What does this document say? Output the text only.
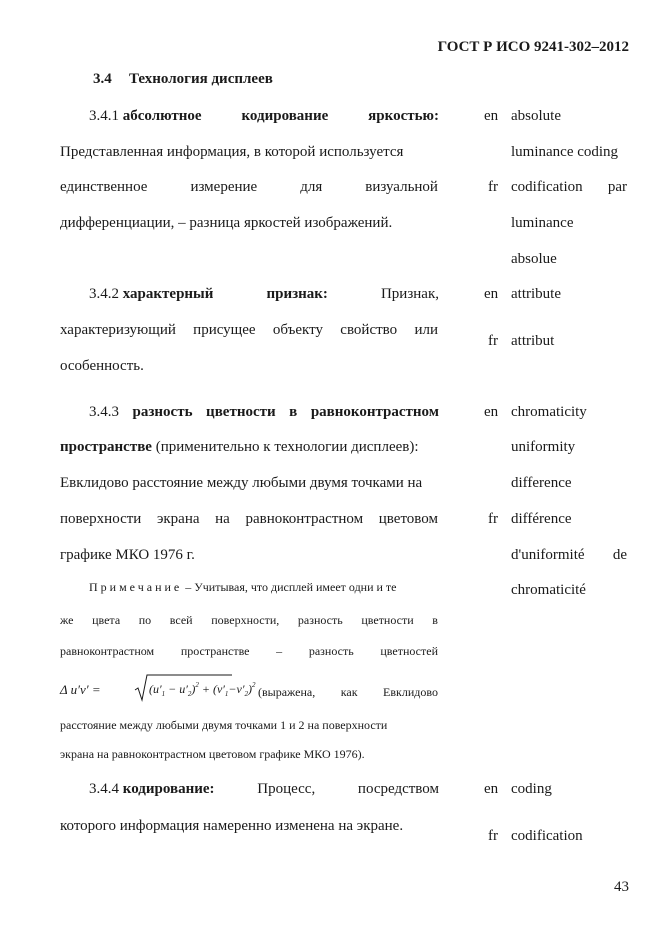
ГОСТ Р ИСО 9241-302–2012
3.4 Технология дисплеев
3.4.1 абсолютное	кодирование	яркостью:
Представленная информация, в которой используется
единственное	измерение	для	визуальной
дифференциации, – разница яркостей изображений.
en absolute
luminance coding
fr codification par
luminance
absolue
3.4.2 характерный	признак:	Признак,
характеризующий присущее объекту свойство или
особенность.
en attribute
fr attribut
3.4.3 разность цветности в равноконтрастном
пространстве (применительно к технологии дисплеев):
Евклидово расстояние между любыми двумя точками на
поверхности экрана на равноконтрастном цветовом
графике МКО 1976 г.
en chromaticity
uniformity
difference
fr différence
d'uniformité de
chromaticité
Примечание – Учитывая, что дисплей имеет одни и те
же цвета по всей поверхности, разность цветности в
равноконтрастном пространстве – разность цветностей
Δ u′v′ =	$(u'_1 - u'_2)^2 + (v'_1-v'_2)^2$ (выражена, как Евклидово
расстояние между любыми двумя точками 1 и 2 на поверхности
экрана на равноконтрастном цветовом графике МКО 1976).
3.4.4 кодирование:	Процесс,	посредством
которого информация намеренно изменена на экране.
en coding
fr codification
43
